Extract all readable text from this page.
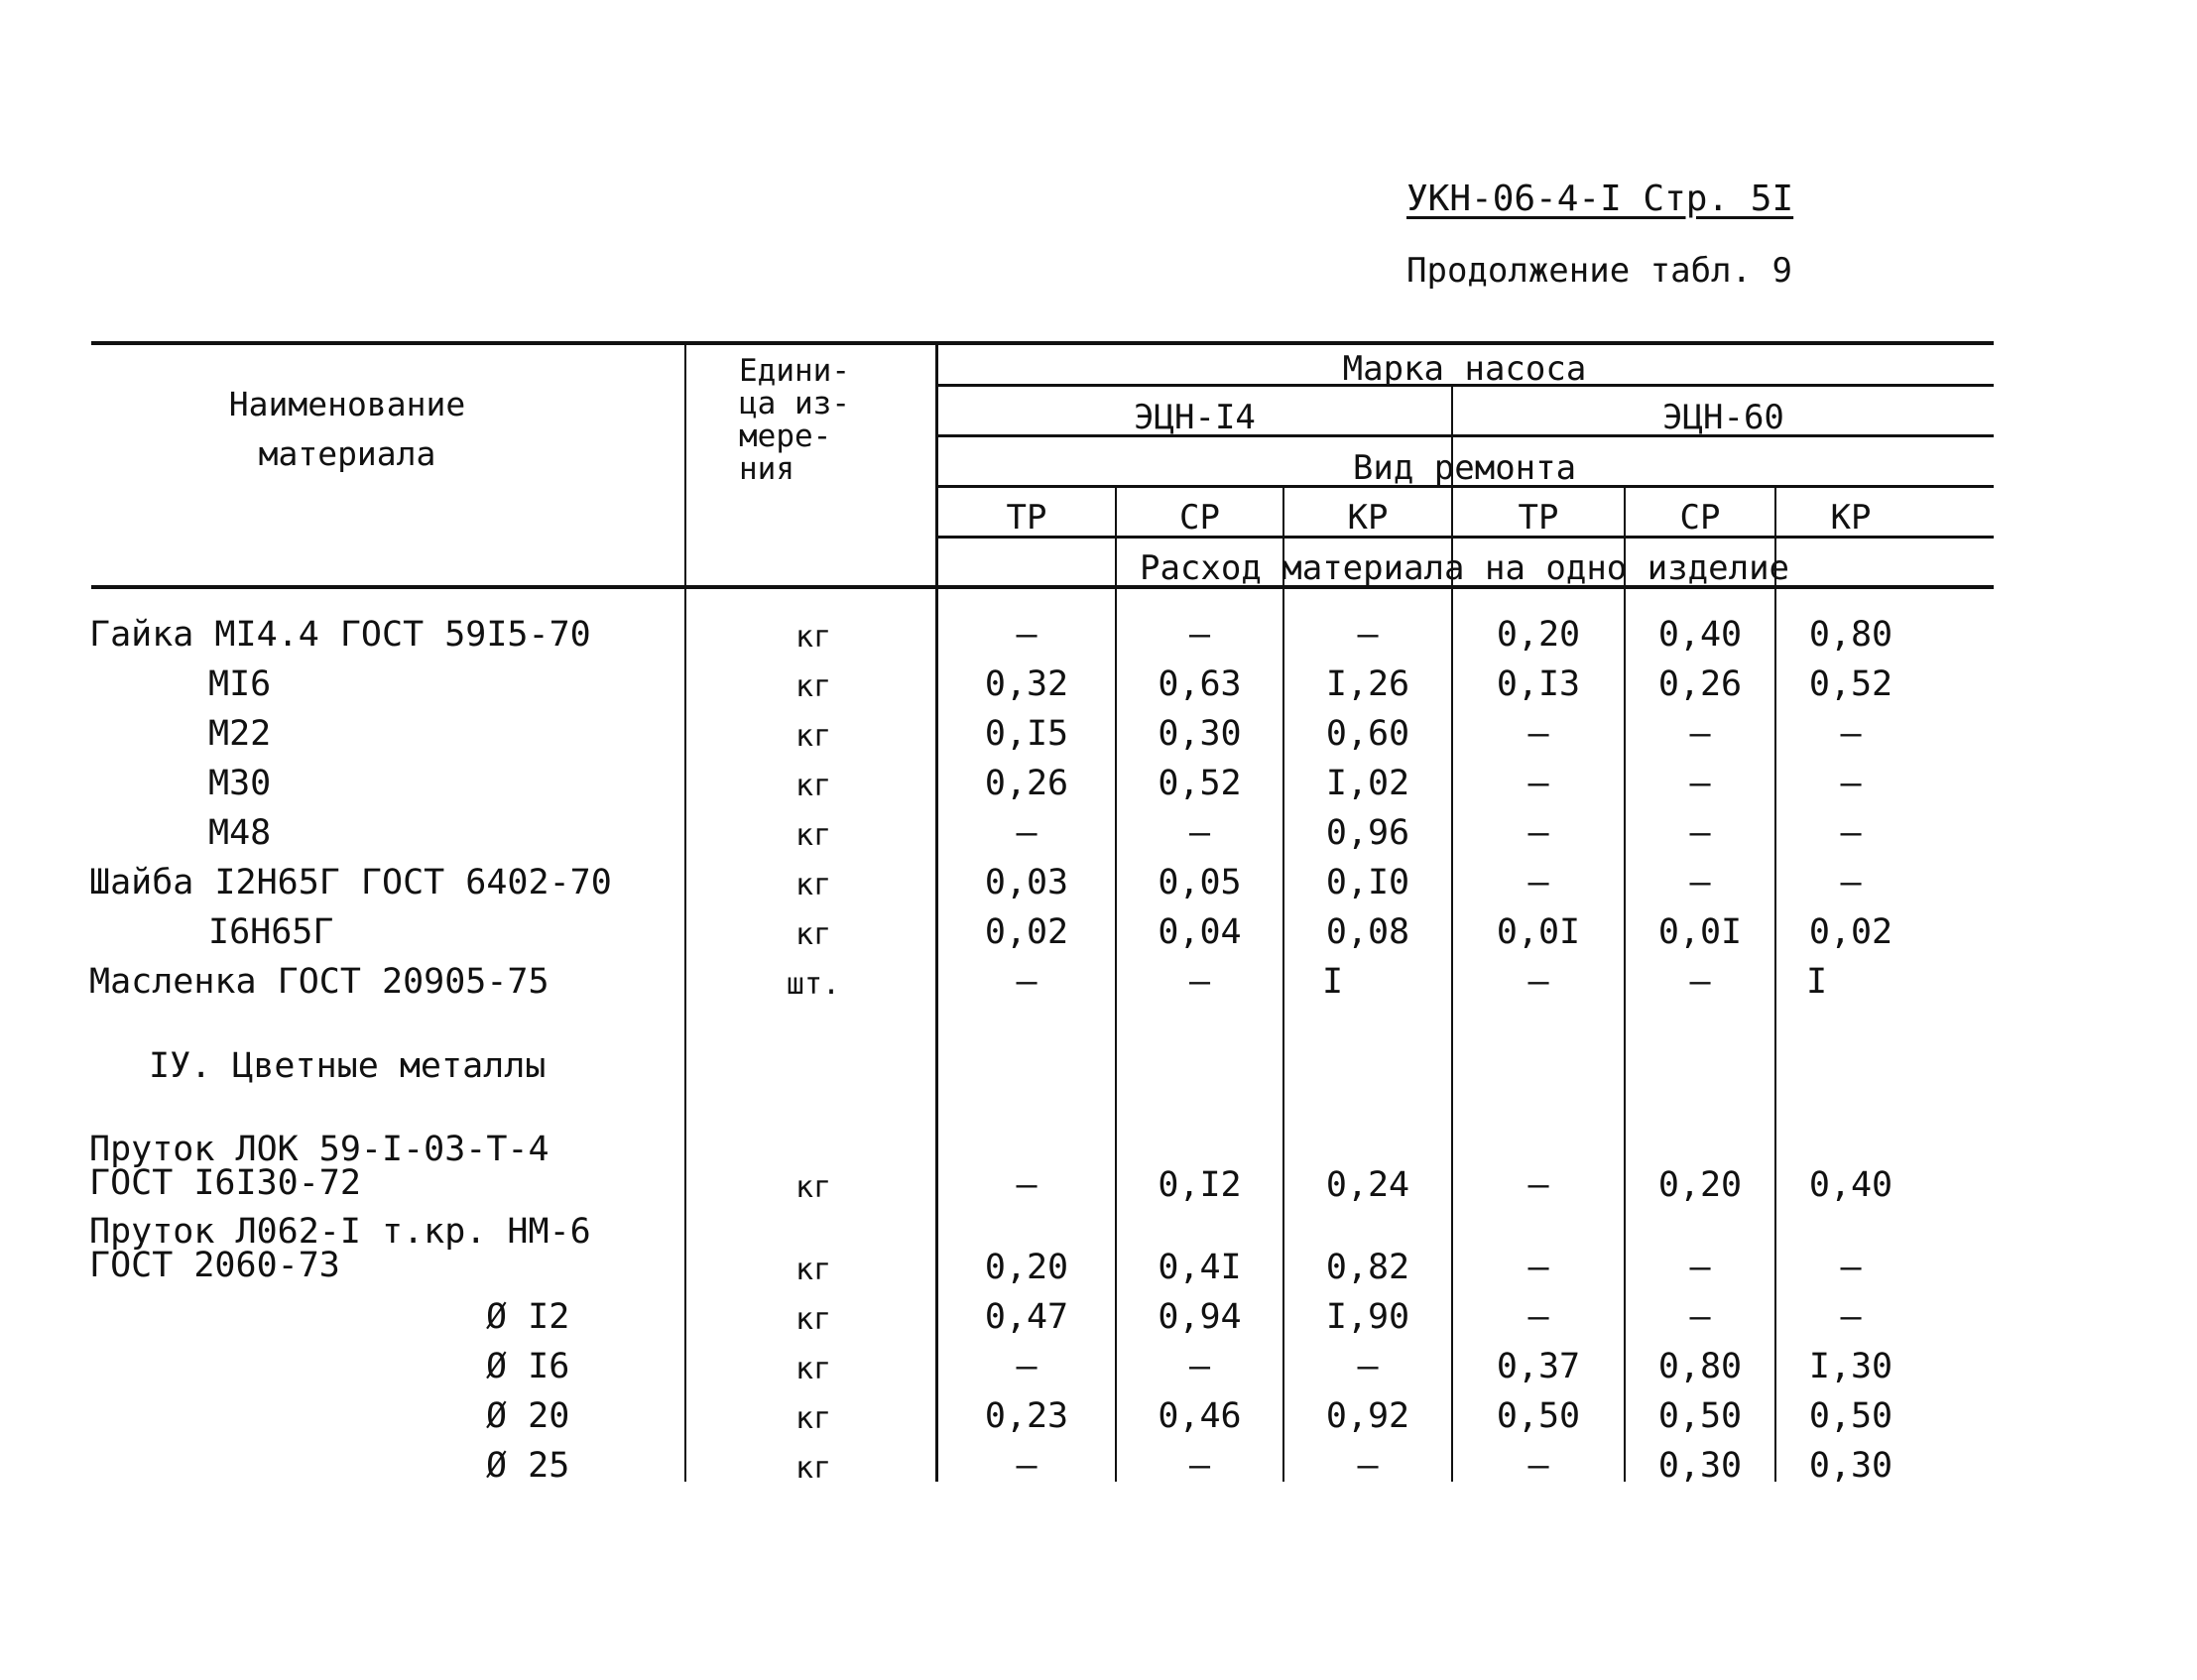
УКН-06-4-I Стр. 5I
Продолжение табл. 9
Наименование
материала
Едини-
ца из-
мере-
ния
Марка насоса
ЭЦН-I4	ЭЦН-60
Вид ремонта
ТР	СР	КР	ТР	СР	КР
Расход материала на одно изделие
Гайка МI4.4 ГОСТ 59I5-70	кг	–	–	–	0,20	0,40	0,80
МI6	кг	0,32	0,63	I,26	0,I3	0,26	0,52
М22	кг	0,I5	0,30	0,60	–	–	–
М30	кг	0,26	0,52	I,02	–	–	–
М48	кг	–	–	0,96	–	–	–
Шайба I2Н65Г ГОСТ 6402-70	кг	0,03	0,05	0,I0	–	–	–
I6Н65Г	кг	0,02	0,04	0,08	0,0I	0,0I	0,02
Масленка ГОСТ 20905-75	шт.	–	–	I	–	–	I
IУ. Цветные металлы
Пруток ЛОК 59-I-03-Т-4
ГОСТ I6I30-72	кг	–	0,I2	0,24	–	0,20	0,40
Пруток Л062-I т.кр. НМ-6
ГОСТ 2060-73	кг	0,20	0,4I	0,82	–	–	–
Ø I2	кг	0,47	0,94	I,90	–	–	–
Ø I6	кг	–	–	–	0,37	0,80	I,30
Ø 20	кг	0,23	0,46	0,92	0,50	0,50	0,50
Ø 25	кг	–	–	–	–	0,30	0,30
